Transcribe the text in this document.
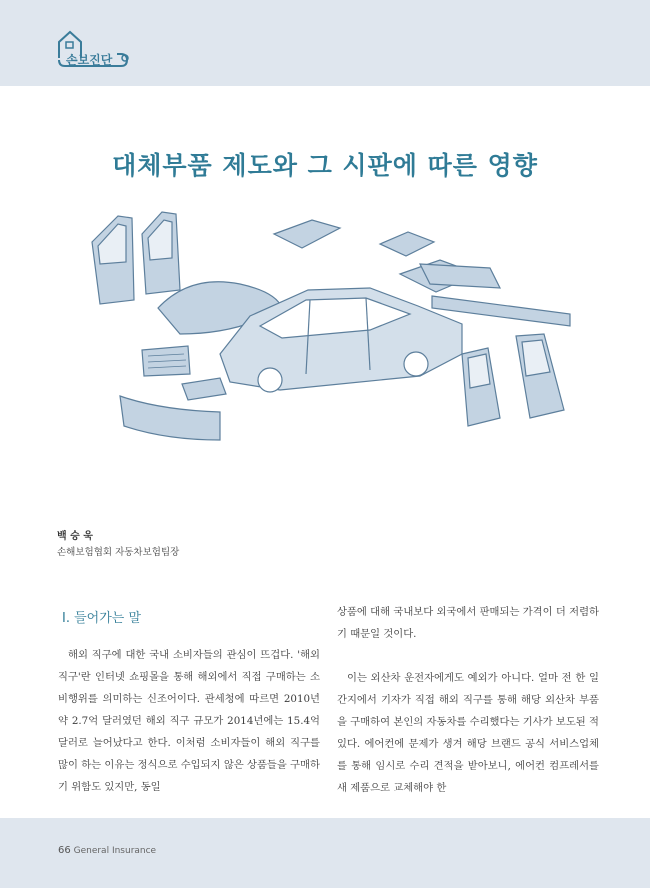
손보진단
대체부품 제도와 그 시판에 따른 영향
백 승 욱
손해보험협회 자동차보험팀장
Ⅰ. 들어가는 말

해외 직구에 대한 국내 소비자들의 관심이 뜨겁다. '해외 직구'란 인터넷 쇼핑몰을 통해 해외에서 직접 구매하는 소비행위를 의미하는 신조어이다. 관세청에 따르면 2010년 약 2.7억 달러였던 해외 직구 규모가 2014년에는 15.4억 달러로 늘어났다고 한다. 이처럼 소비자들이 해외 직구를 많이 하는 이유는 정식으로 수입되지 않은 상품들을 구매하기 위함도 있지만, 동일

상품에 대해 국내보다 외국에서 판매되는 가격이 더 저렴하기 때문일 것이다.

이는 외산차 운전자에게도 예외가 아니다. 얼마 전 한 일간지에서 기자가 직접 해외 직구를 통해 해당 외산차 부품을 구매하여 본인의 자동차를 수리했다는 기사가 보도된 적 있다. 에어컨에 문제가 생겨 해당 브랜드 공식 서비스업체를 통해 임시로 수리 견적을 받아보니, 에어컨 컴프레서를 새 제품으로 교체해야 한

66 General Insurance
